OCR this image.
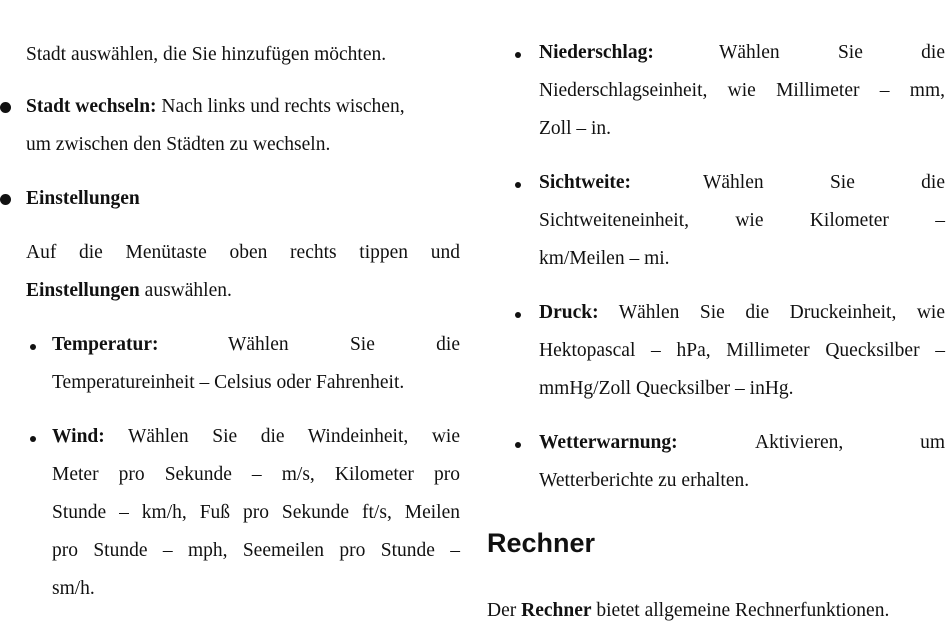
Stadt auswählen, die Sie hinzufügen möchten.

Stadt wechseln: Nach links und rechts wischen,
um zwischen den Städten zu wechseln.

Einstellungen

Auf die Menütaste oben rechts tippen und
Einstellungen auswählen.

Temperatur:	Wählen	Sie	die
Temperatureinheit – Celsius oder Fahrenheit.

Wind: Wählen Sie die Windeinheit, wie
Meter pro Sekunde – m/s, Kilometer pro
Stunde – km/h, Fuß pro Sekunde ft/s, Meilen
pro Stunde – mph, Seemeilen pro Stunde –
sm/h.

Niederschlag:	Wählen	Sie	die
Niederschlagseinheit, wie Millimeter – mm,
Zoll – in.

Sichtweite:	Wählen	Sie	die
Sichtweiteneinheit, wie Kilometer –
km/Meilen – mi.

Druck: Wählen Sie die Druckeinheit, wie
Hektopascal – hPa, Millimeter Quecksilber –
mmHg/Zoll Quecksilber – inHg.

Wetterwarnung:	Aktivieren,	um
Wetterberichte zu erhalten.

Rechner

Der Rechner bietet allgemeine Rechnerfunktionen.
